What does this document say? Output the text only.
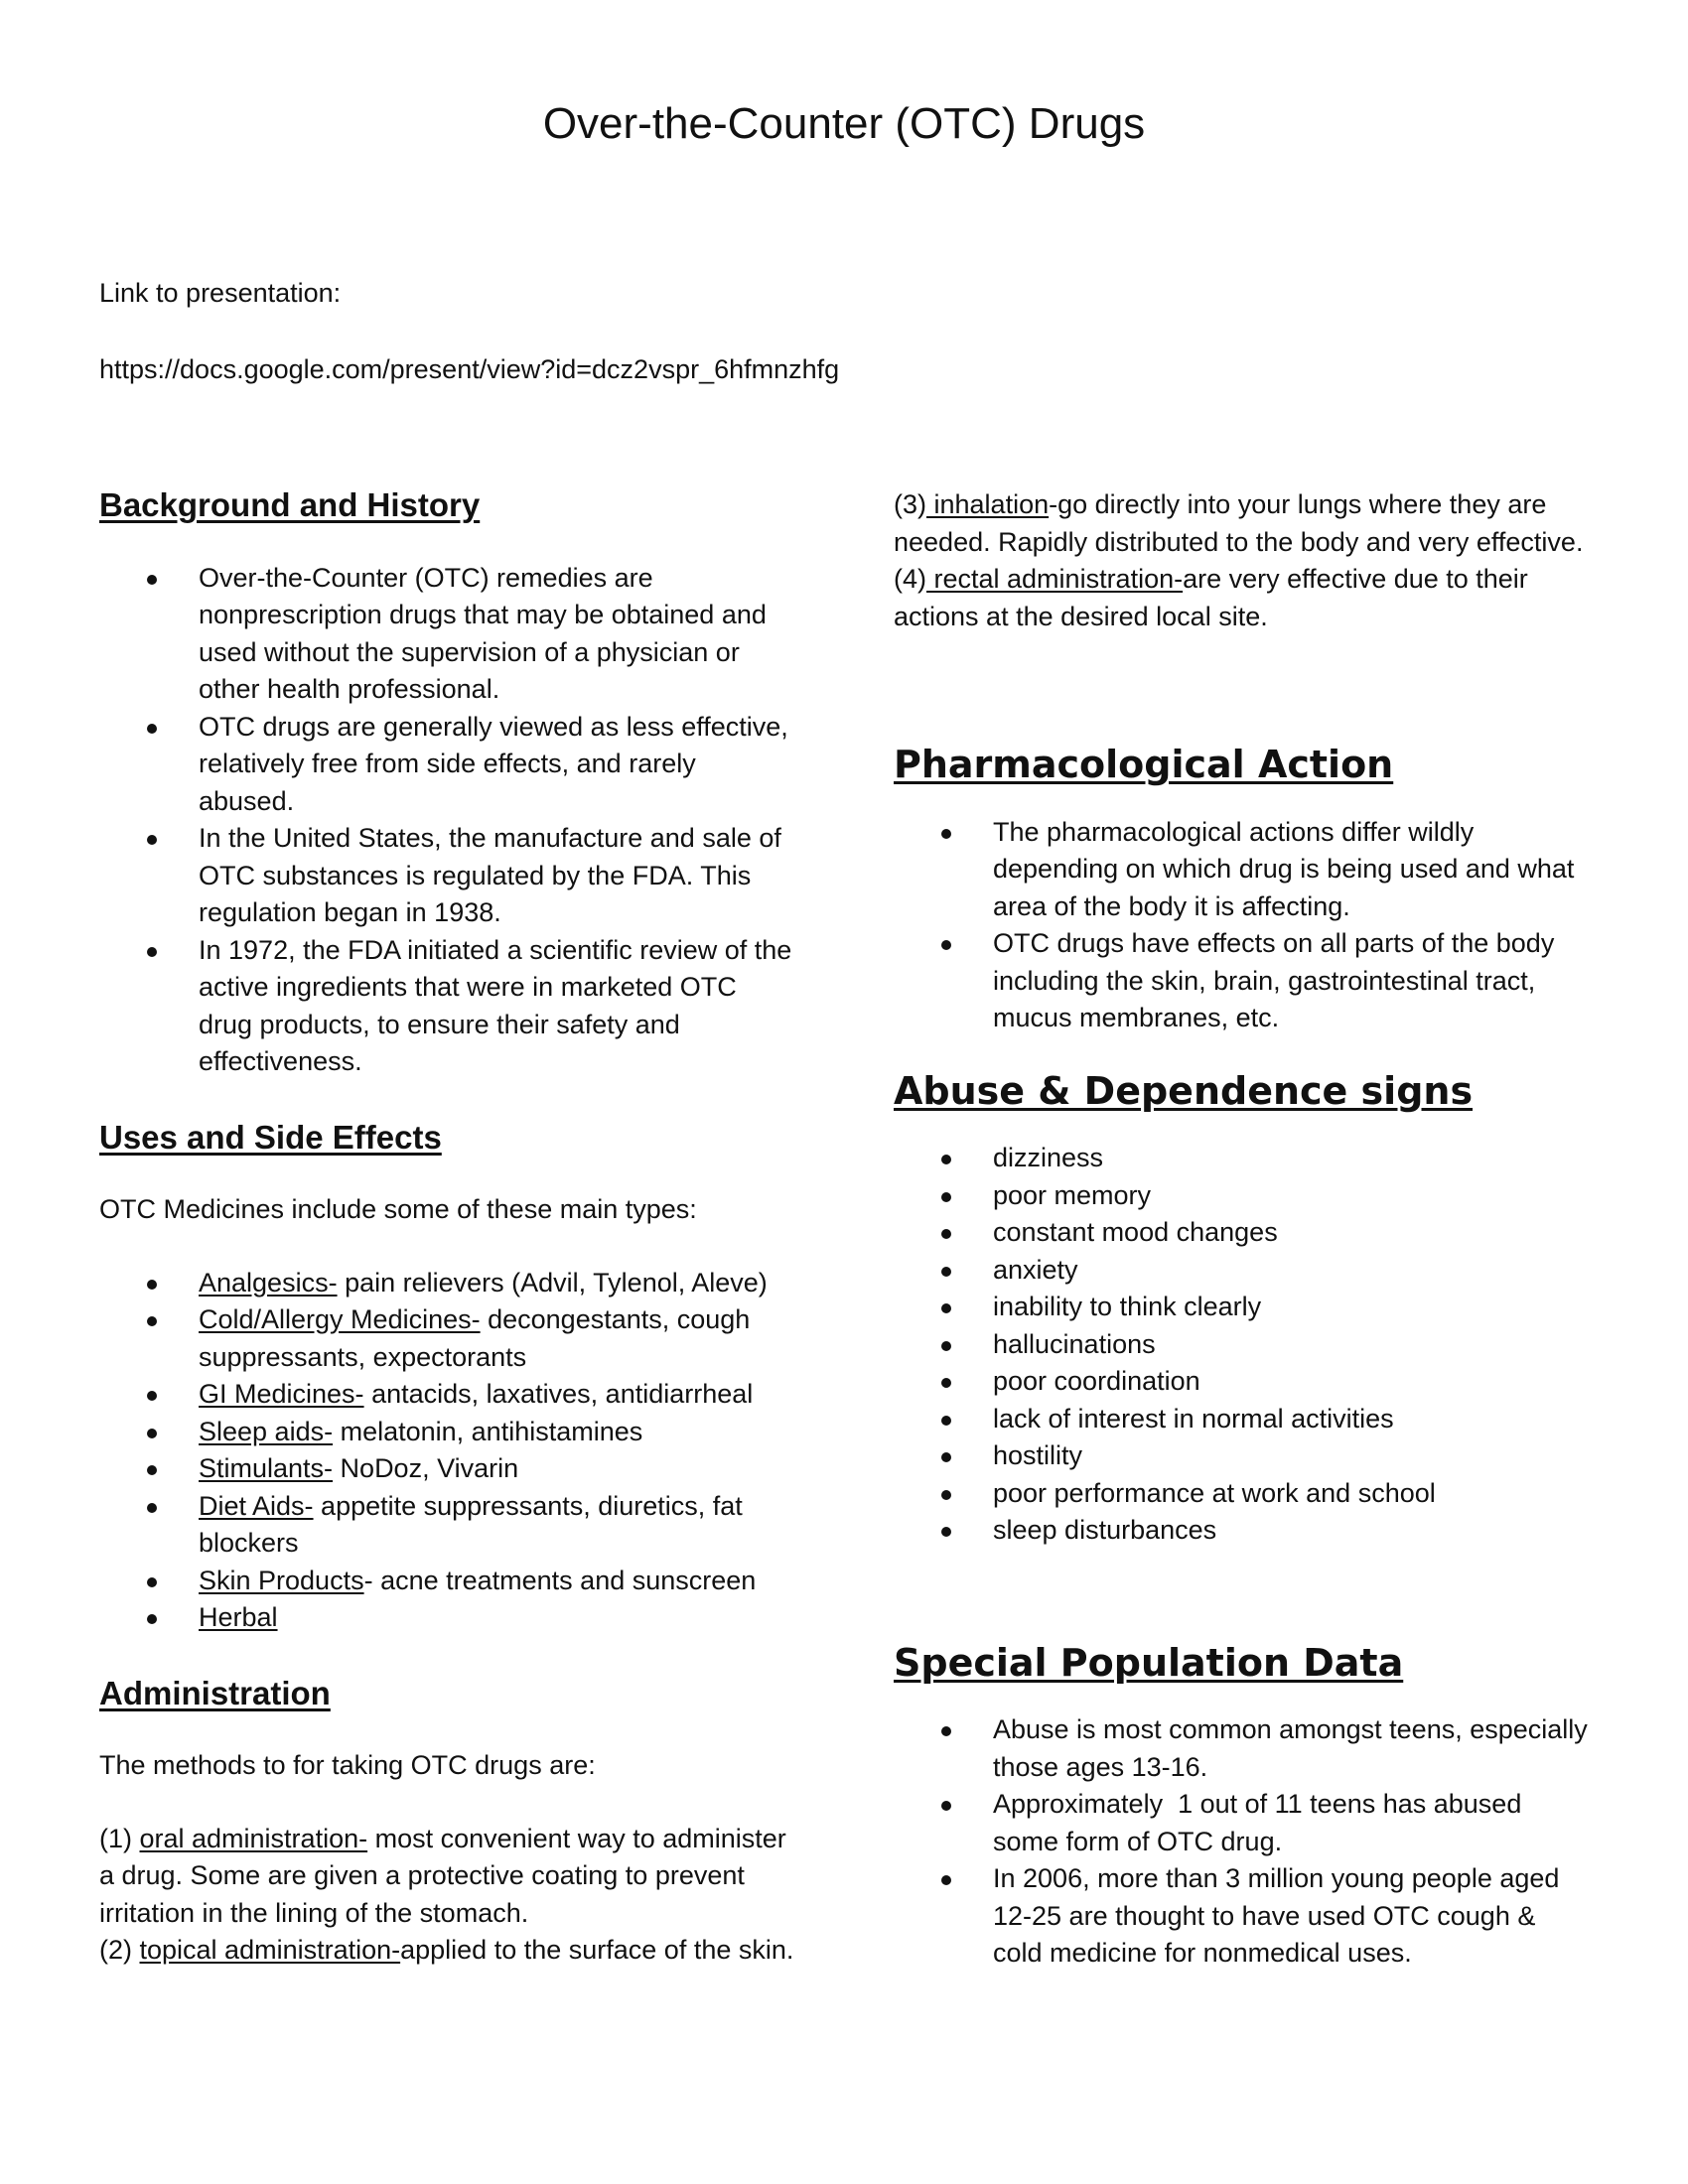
Over-the-Counter (OTC) Drugs
Link to presentation:
https://docs.google.com/present/view?id=dcz2vspr_6hfmnzhfg
Background and History
Over-the-Counter (OTC) remedies are nonprescription drugs that may be obtained and used without the supervision of a physician or other health professional.
OTC drugs are generally viewed as less effective, relatively free from side effects, and rarely abused.
In the United States, the manufacture and sale of OTC substances is regulated by the FDA. This regulation began in 1938.
In 1972, the FDA initiated a scientific review of the active ingredients that were in marketed OTC drug products, to ensure their safety and effectiveness.
Uses and Side Effects

OTC Medicines include some of these main types:

Analgesics- pain relievers (Advil, Tylenol, Aleve)
Cold/Allergy Medicines- decongestants, cough suppressants, expectorants
GI Medicines- antacids, laxatives, antidiarrheal
Sleep aids- melatonin, antihistamines
Stimulants- NoDoz, Vivarin
Diet Aids- appetite suppressants, diuretics, fat blockers
Skin Products- acne treatments and sunscreen
Herbal
Administration

The methods to for taking OTC drugs are:

(1) oral administration- most convenient way to administer a drug. Some are given a protective coating to prevent irritation in the lining of the stomach.

(2) topical administration-applied to the surface of the skin.

(3) inhalation-go directly into your lungs where they are needed. Rapidly distributed to the body and very effective.

(4) rectal administration-are very effective due to their actions at the desired local site.

Pharmacological Action
The pharmacological actions differ wildly depending on which drug is being used and what area of the body it is affecting.
OTC drugs have effects on all parts of the body including the skin, brain, gastrointestinal tract, mucus membranes, etc.
Abuse & Dependence signs
dizziness
poor memory
constant mood changes
anxiety
inability to think clearly
hallucinations
poor coordination
lack of interest in normal activities
hostility
poor performance at work and school
sleep disturbances
Special Population Data
Abuse is most common amongst teens, especially those ages 13-16.
Approximately  1 out of 11 teens has abused some form of OTC drug.
In 2006, more than 3 million young people aged 12-25 are thought to have used OTC cough & cold medicine for nonmedical uses.
